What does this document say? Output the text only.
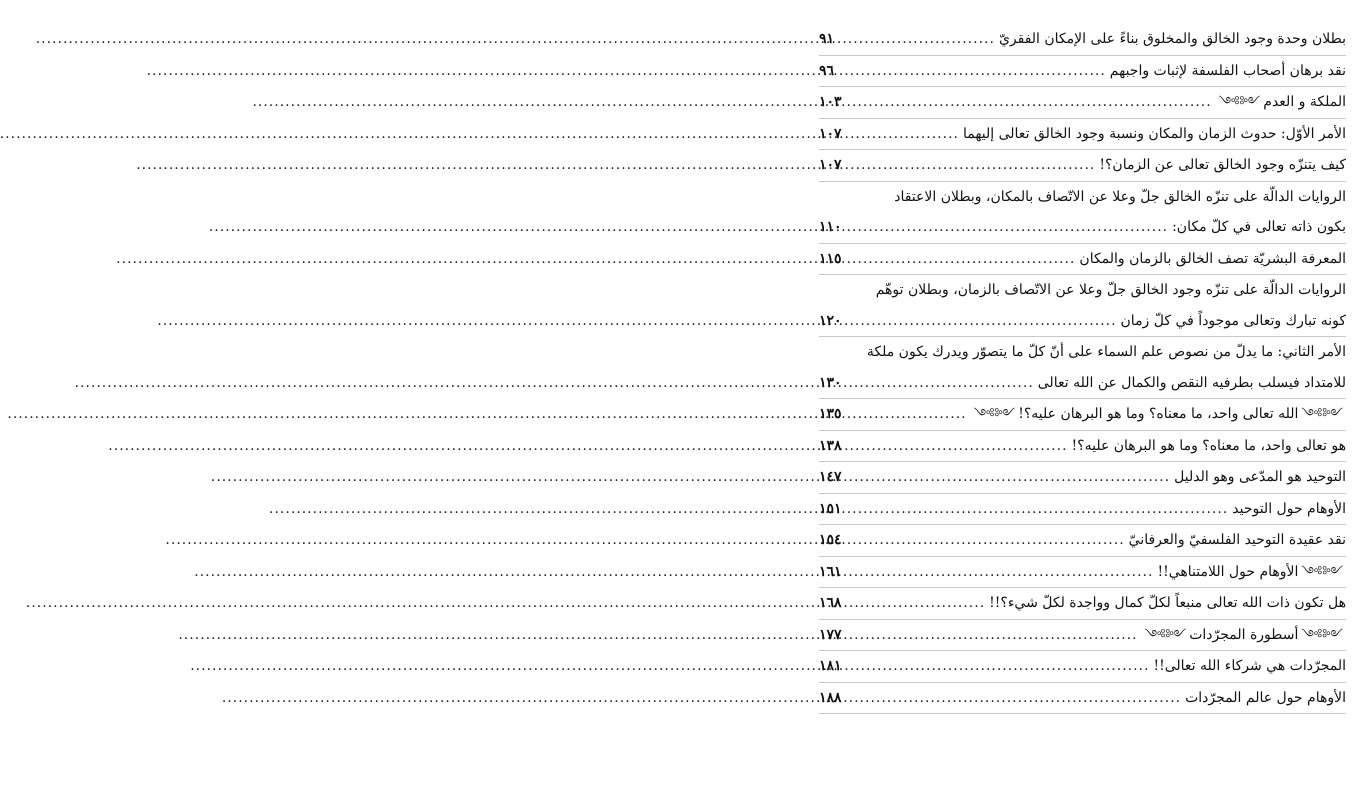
بطلان وحدة وجود الخالق والمخلوق بناءً على الإمكان الفقريّ
.....
٩١
نقد برهان أصحاب الفلسفة لإثبات واجبهم
.....
٩٦
الملكة و العدم
༺༻
.....
١٠٣
الأمر الأوّل: حدوث الزمان والمكان ونسبة وجود الخالق تعالى إليهما
.....
١٠٧
كيف يتنزّه وجود الخالق تعالى عن الزمان؟!
.....
١٠٧
الروايات الدالّة على تنزّه الخالق جلّ وعلا عن الاتّصاف بالمكان، وبطلان الاعتقاد
بكون ذاته تعالى في كلّ مكان:
.....
١١٠
المعرفة البشريّة تصف الخالق بالزمان والمكان
.....
١١٥
الروايات الدالّة على تنزّه وجود الخالق جلّ وعلا عن الاتّصاف بالزمان، وبطلان توهّم
كونه تبارك وتعالى موجوداً في كلّ زمان
.....
١٢٠
الأمر الثاني: ما يدلّ من نصوص علم السماء على أنّ كلّ ما يتصوّر ويدرك يكون ملكة
للامتداد فيسلب بطرفيه النقص والكمال عن الله تعالى
.....
١٣٠
༺༻
الله تعالى واحد، ما معناه؟ وما هو البرهان عليه؟!
༺༻
.....
١٣٥
هو تعالى واحد، ما معناه؟ وما هو البرهان عليه؟!
.....
١٣٨
التوحيد هو المدّعى وهو الدليل
.....
١٤٧
الأوهام حول التوحيد
.....
١٥١
نقد عقيدة التوحيد الفلسفيّ والعرفانيّ
.....
١٥٤
༺༻
الأوهام حول اللامتناهي!!
.....
١٦١
هل تكون ذات الله تعالى منبعاً لكلّ كمال وواجدة لكلّ شيء؟!!
.....
١٦٨
༺༻
أسطورة المجرّدات
༺༻
.....
١٧٧
المجرّدات هي شركاء الله تعالى!!
.....
١٨١
الأوهام حول عالم المجرّدات
.....
١٨٨
